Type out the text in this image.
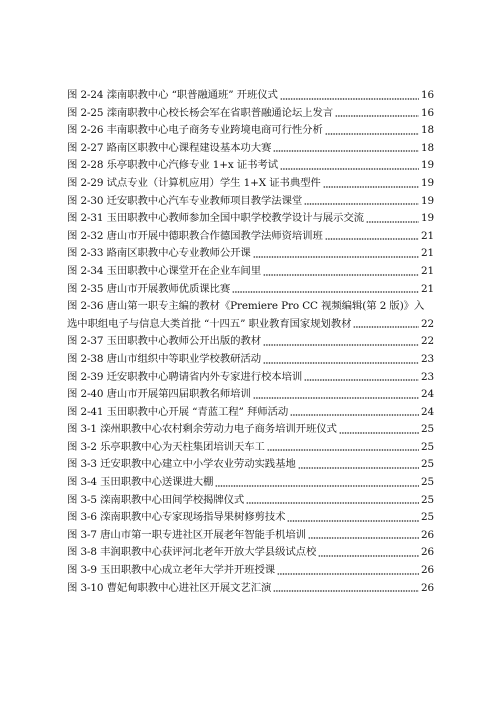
图 2-24 滦南职教中心 “职普融通班” 开班仪式	16
图 2-25 滦南职教中心校长杨会军在省职普融通论坛上发言	16
图 2-26 丰南职教中心电子商务专业跨境电商可行性分析	18
图 2-27 路南区职教中心课程建设基本功大赛	18
图 2-28 乐亭职教中心汽修专业 1+x 证书考试	19
图 2-29 试点专业（计算机应用）学生 1+X 证书典型件	19
图 2-30 迁安职教中心汽车专业教师项目教学法课堂	19
图 2-31 玉田职教中心教师参加全国中职学校教学设计与展示交流	19
图 2-32 唐山市开展中德职教合作德国教学法师资培训班	21
图 2-33 路南区职教中心专业教师公开课	21
图 2-34 玉田职教中心课堂开在企业车间里	21
图 2-35 唐山市开展教师优质课比赛	21
图 2-36 唐山第一职专主编的教材《Premiere Pro CC 视频编辑(第 2 版)》入
选中职组电子与信息大类首批 “十四五” 职业教育国家规划教材	22
图 2-37 玉田职教中心教师公开出版的教材	22
图 2-38 唐山市组织中等职业学校教研活动	23
图 2-39 迁安职教中心聘请省内外专家进行校本培训	23
图 2-40 唐山市开展第四届职教名师培训	24
图 2-41 玉田职教中心开展 “青蓝工程” 拜师活动	24
图 3-1 滦州职教中心农村剩余劳动力电子商务培训开班仪式	25
图 3-2 乐亭职教中心为天柱集团培训天车工	25
图 3-3 迁安职教中心建立中小学农业劳动实践基地	25
图 3-4 玉田职教中心送课进大棚	25
图 3-5 滦南职教中心田间学校揭牌仪式	25
图 3-6 滦南职教中心专家现场指导果树修剪技术	25
图 3-7 唐山市第一职专进社区开展老年智能手机培训	26
图 3-8 丰润职教中心获评河北老年开放大学县级试点校	26
图 3-9 玉田职教中心成立老年大学并开班授课	26
图 3-10 曹妃甸职教中心进社区开展文艺汇演	26
